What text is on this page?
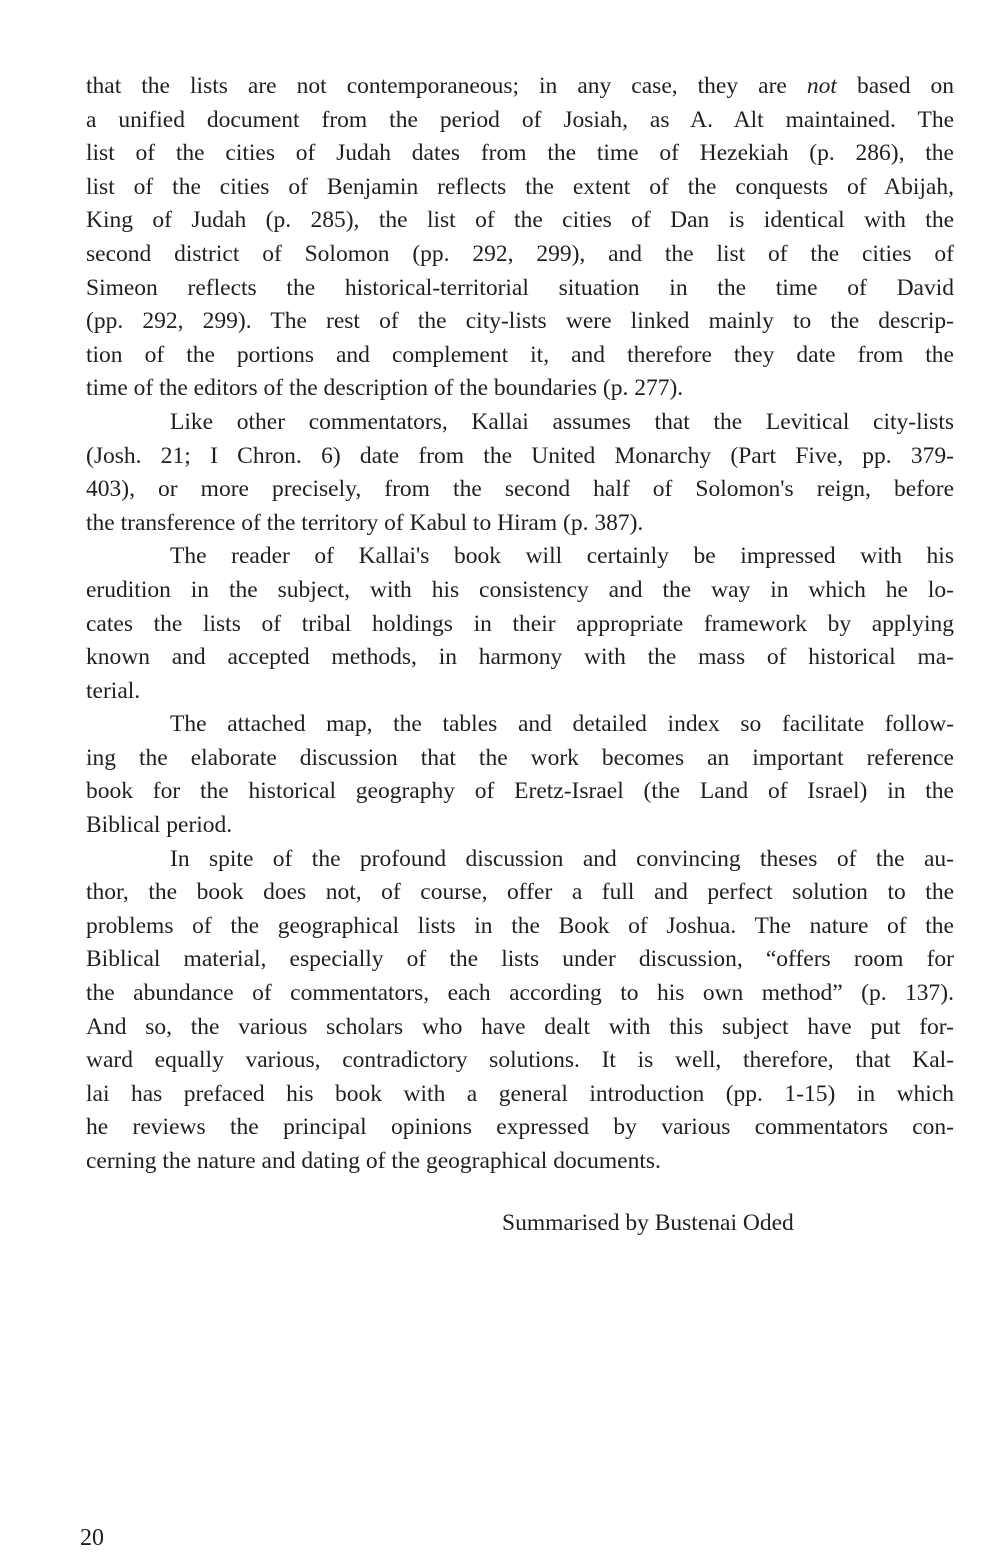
that the lists are not contemporaneous; in any case, they are not based on
a unified document from the period of Josiah, as A. Alt maintained. The
list of the cities of Judah dates from the time of Hezekiah (p. 286), the
list of the cities of Benjamin reflects the extent of the conquests of Abijah,
King of Judah (p. 285), the list of the cities of Dan is identical with the
second district of Solomon (pp. 292, 299), and the list of the cities of
Simeon reflects the historical-territorial situation in the time of David
(pp. 292, 299). The rest of the city-lists were linked mainly to the descrip-
tion of the portions and complement it, and therefore they date from the
time of the editors of the description of the boundaries (p. 277).
Like other commentators, Kallai assumes that the Levitical city-lists
(Josh. 21; I Chron. 6) date from the United Monarchy (Part Five, pp. 379-
403), or more precisely, from the second half of Solomon's reign, before
the transference of the territory of Kabul to Hiram (p. 387).
The reader of Kallai's book will certainly be impressed with his
erudition in the subject, with his consistency and the way in which he lo-
cates the lists of tribal holdings in their appropriate framework by applying
known and accepted methods, in harmony with the mass of historical ma-
terial.
The attached map, the tables and detailed index so facilitate follow-
ing the elaborate discussion that the work becomes an important reference
book for the historical geography of Eretz-Israel (the Land of Israel) in the
Biblical period.
In spite of the profound discussion and convincing theses of the au-
thor, the book does not, of course, offer a full and perfect solution to the
problems of the geographical lists in the Book of Joshua. The nature of the
Biblical material, especially of the lists under discussion, “offers room for
the abundance of commentators, each according to his own method” (p. 137).
And so, the various scholars who have dealt with this subject have put for-
ward equally various, contradictory solutions. It is well, therefore, that Kal-
lai has prefaced his book with a general introduction (pp. 1-15) in which
he reviews the principal opinions expressed by various commentators con-
cerning the nature and dating of the geographical documents.
Summarised by Bustenai Oded
20
